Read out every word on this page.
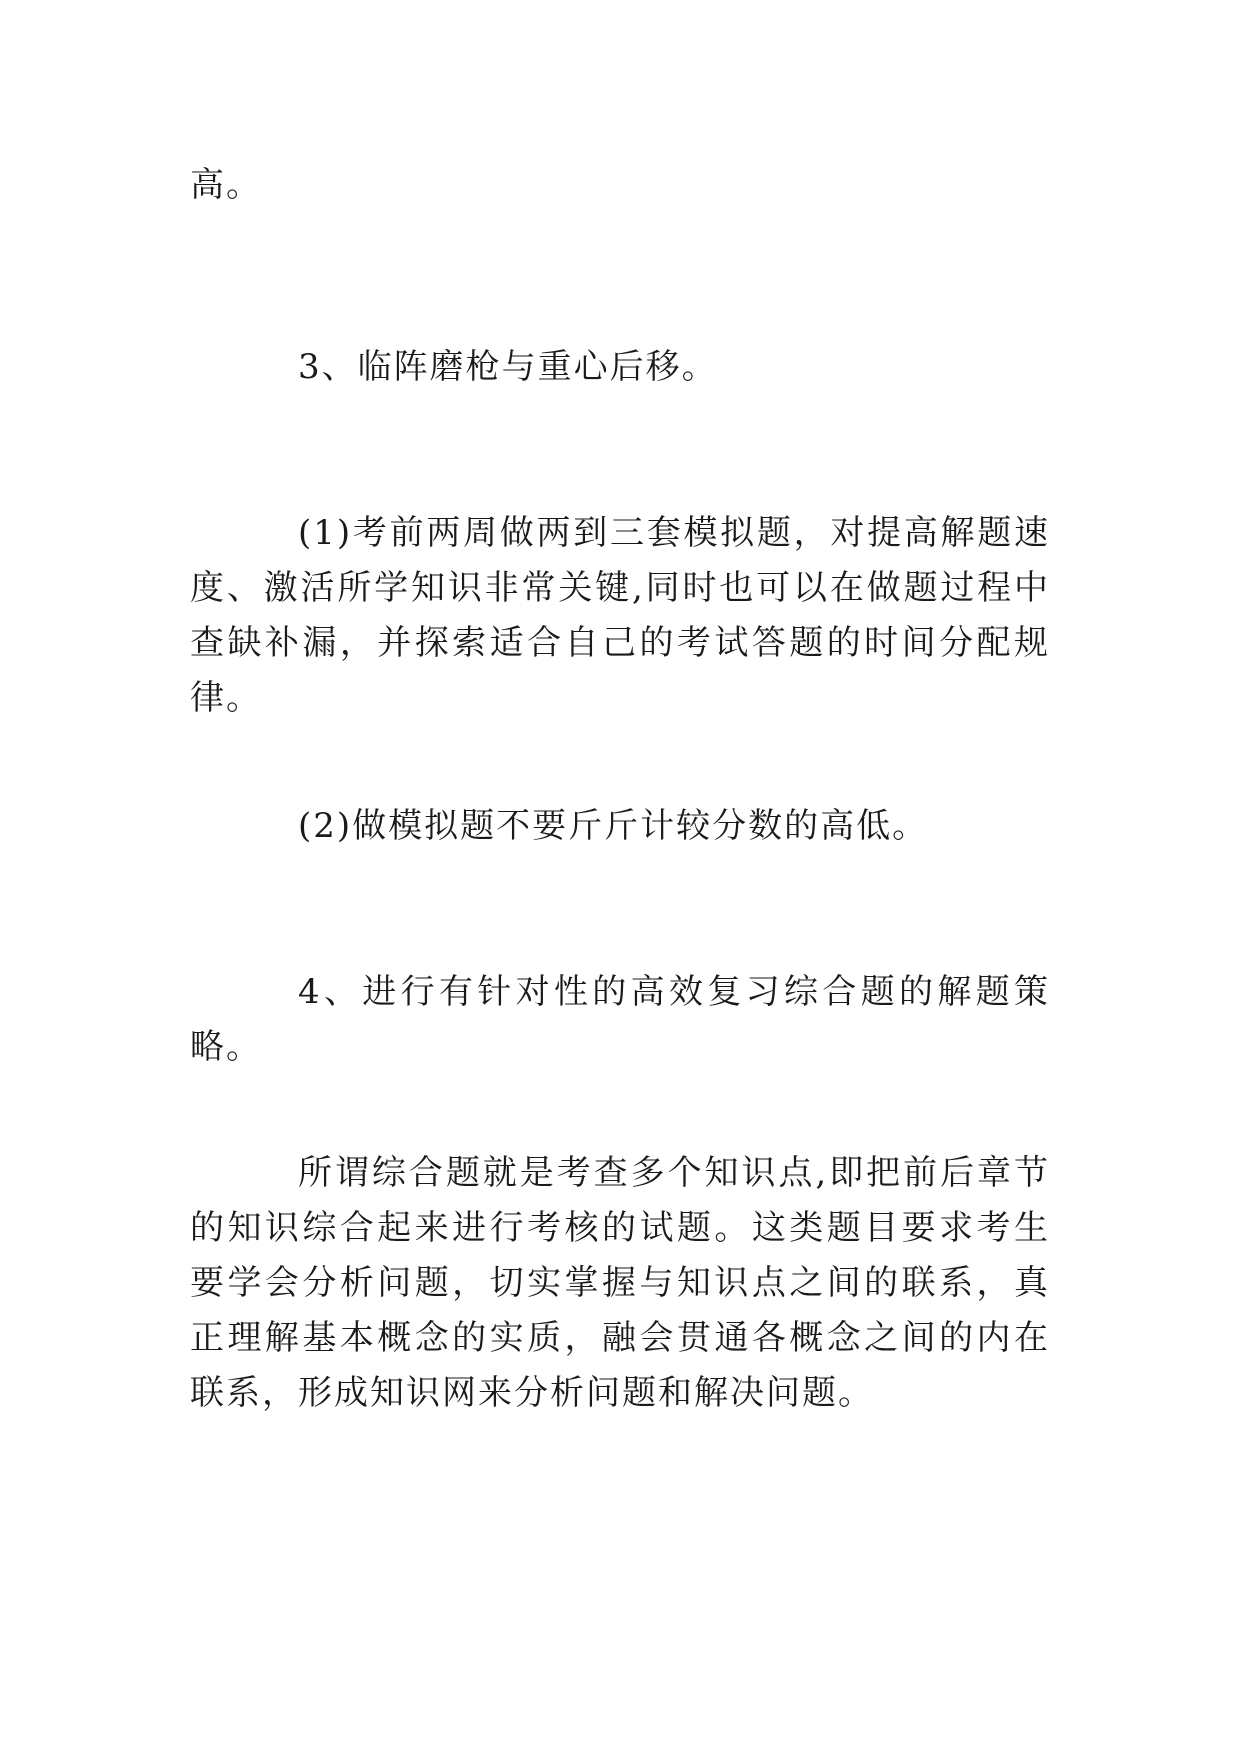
高。

3、临阵磨枪与重心后移。

(1)考前两周做两到三套模拟题，对提高解题速度、激活所学知识非常关键,同时也可以在做题过程中查缺补漏，并探索适合自己的考试答题的时间分配规律。

(2)做模拟题不要斤斤计较分数的高低。

4、进行有针对性的高效复习综合题的解题策略。

所谓综合题就是考查多个知识点,即把前后章节的知识综合起来进行考核的试题。这类题目要求考生要学会分析问题，切实掌握与知识点之间的联系，真正理解基本概念的实质，融会贯通各概念之间的内在联系，形成知识网来分析问题和解决问题。
